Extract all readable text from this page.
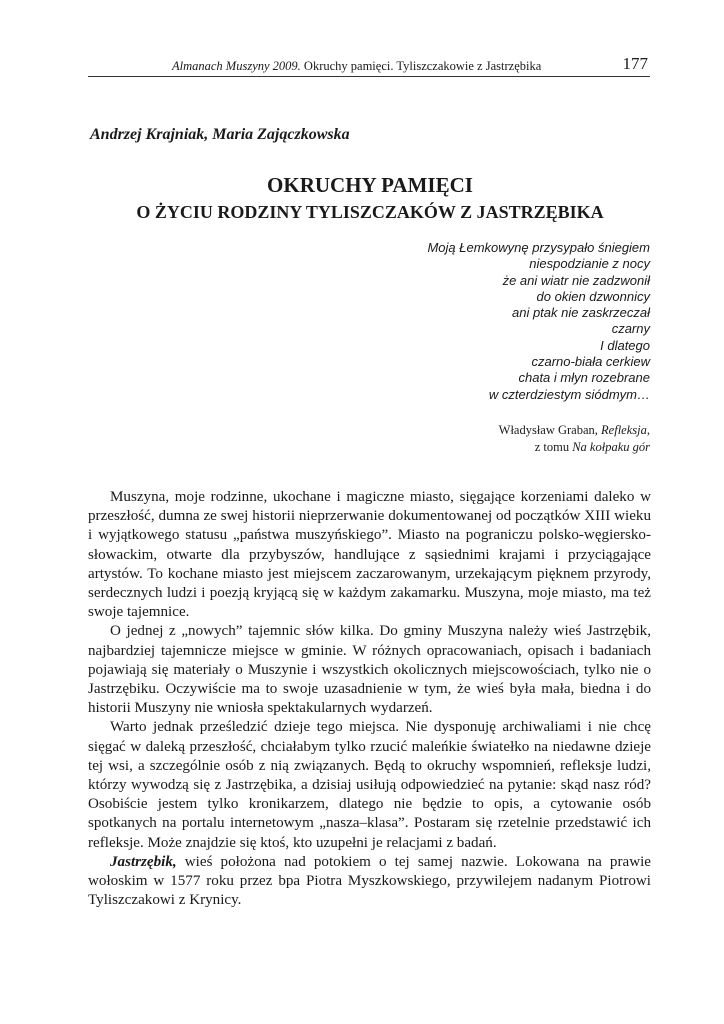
Almanach Muszyny 2009. Okruchy pamięci. Tyliszczakowie z Jastrzębika	177
Andrzej Krajniak, Maria Zajączkowska
OKRUCHY PAMIĘCI
O ŻYCIU RODZINY TYLISZCZAKÓW Z JASTRZĘBIKA
Moją Łemkowynę przysypało śniegiem
niespodzianie z nocy
że ani wiatr nie zadzwonił
do okien dzwonnicy
ani ptak nie zaskrzeczał
czarny
I dlatego
czarno-biała cerkiew
chata i młyn rozebrane
w czterdziestym siódmym…
Władysław Graban, Refleksja,
z tomu Na kołpaku gór

Muszyna, moje rodzinne, ukochane i magiczne miasto, sięgające korzeniami daleko w przeszłość, dumna ze swej historii nieprzerwanie dokumentowanej od początków XIII wieku i wyjątkowego statusu „państwa muszyńskiego”. Miasto na pograniczu polsko-węgiersko-słowackim, otwarte dla przybyszów, handlujące z sąsiednimi krajami i przyciągające artystów. To kochane miasto jest miejscem zaczarowanym, urzekającym pięknem przyrody, serdecznych ludzi i poezją kryjącą się w każdym zakamarku. Muszyna, moje miasto, ma też swoje tajemnice.

O jednej z „nowych” tajemnic słów kilka. Do gminy Muszyna należy wieś Jastrzębik, najbardziej tajemnicze miejsce w gminie. W różnych opracowaniach, opisach i badaniach pojawiają się materiały o Muszynie i wszystkich okolicznych miejscowościach, tylko nie o Jastrzębiku. Oczywiście ma to swoje uzasadnienie w tym, że wieś była mała, biedna i do historii Muszyny nie wniosła spektakularnych wydarzeń.

Warto jednak prześledzić dzieje tego miejsca. Nie dysponuję archiwaliami i nie chcę sięgać w daleką przeszłość, chciałabym tylko rzucić maleńkie światełko na niedawne dzieje tej wsi, a szczególnie osób z nią związanych. Będą to okruchy wspomnień, refleksje ludzi, którzy wywodzą się z Jastrzębika, a dzisiaj usiłują odpowiedzieć na pytanie: skąd nasz ród? Osobiście jestem tylko kronikarzem, dlatego nie będzie to opis, a cytowanie osób spotkanych na portalu internetowym „nasza–klasa”. Postaram się rzetelnie przedstawić ich refleksje. Może znajdzie się ktoś, kto uzupełni je relacjami z badań.

Jastrzębik, wieś położona nad potokiem o tej samej nazwie. Lokowana na prawie wołoskim w 1577 roku przez bpa Piotra Myszkowskiego, przywilejem nadanym Piotrowi Tyliszczakowi z Krynicy.
